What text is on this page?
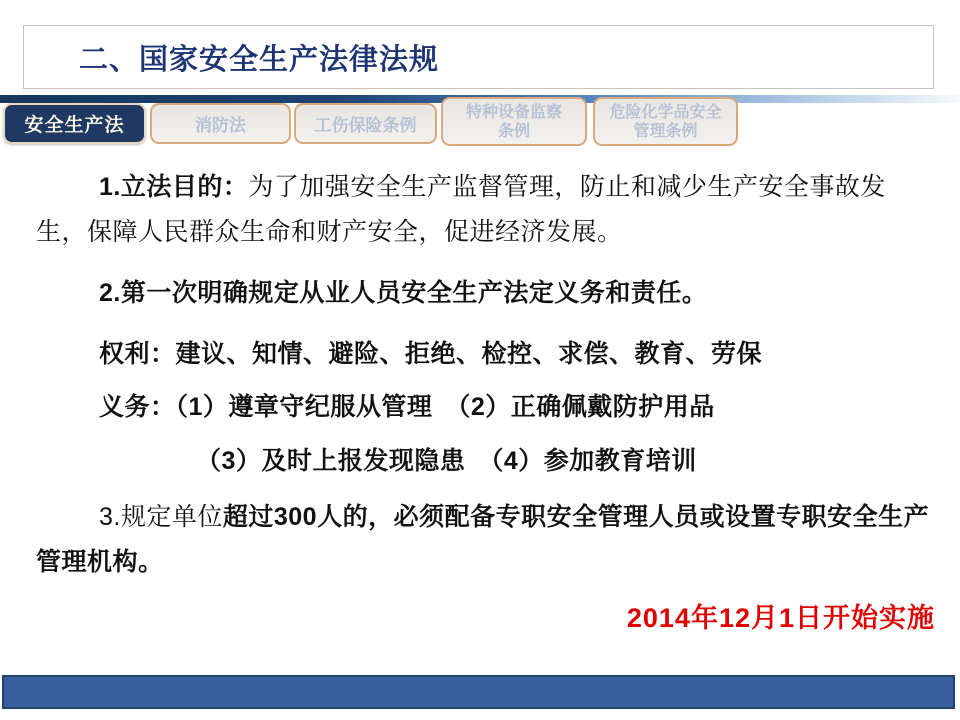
二、国家安全生产法律法规
安全生产法	消防法	工伤保险条例
特种设备监察
条例
危险化学品安全
管理条例
1.立法目的：为了加强安全生产监督管理，防止和减少生产安全事故发生，保障人民群众生命和财产安全，促进经济发展。
2.第一次明确规定从业人员安全生产法定义务和责任。
权利：建议、知情、避险、拒绝、检控、求偿、教育、劳保
义务：（1）遵章守纪服从管理　（2）正确佩戴防护用品
（3）及时上报发现隐患　（4）参加教育培训
3.规定单位超过300人的，必须配备专职安全管理人员或设置专职安全生产管理机构。
2014年12月1日开始实施
